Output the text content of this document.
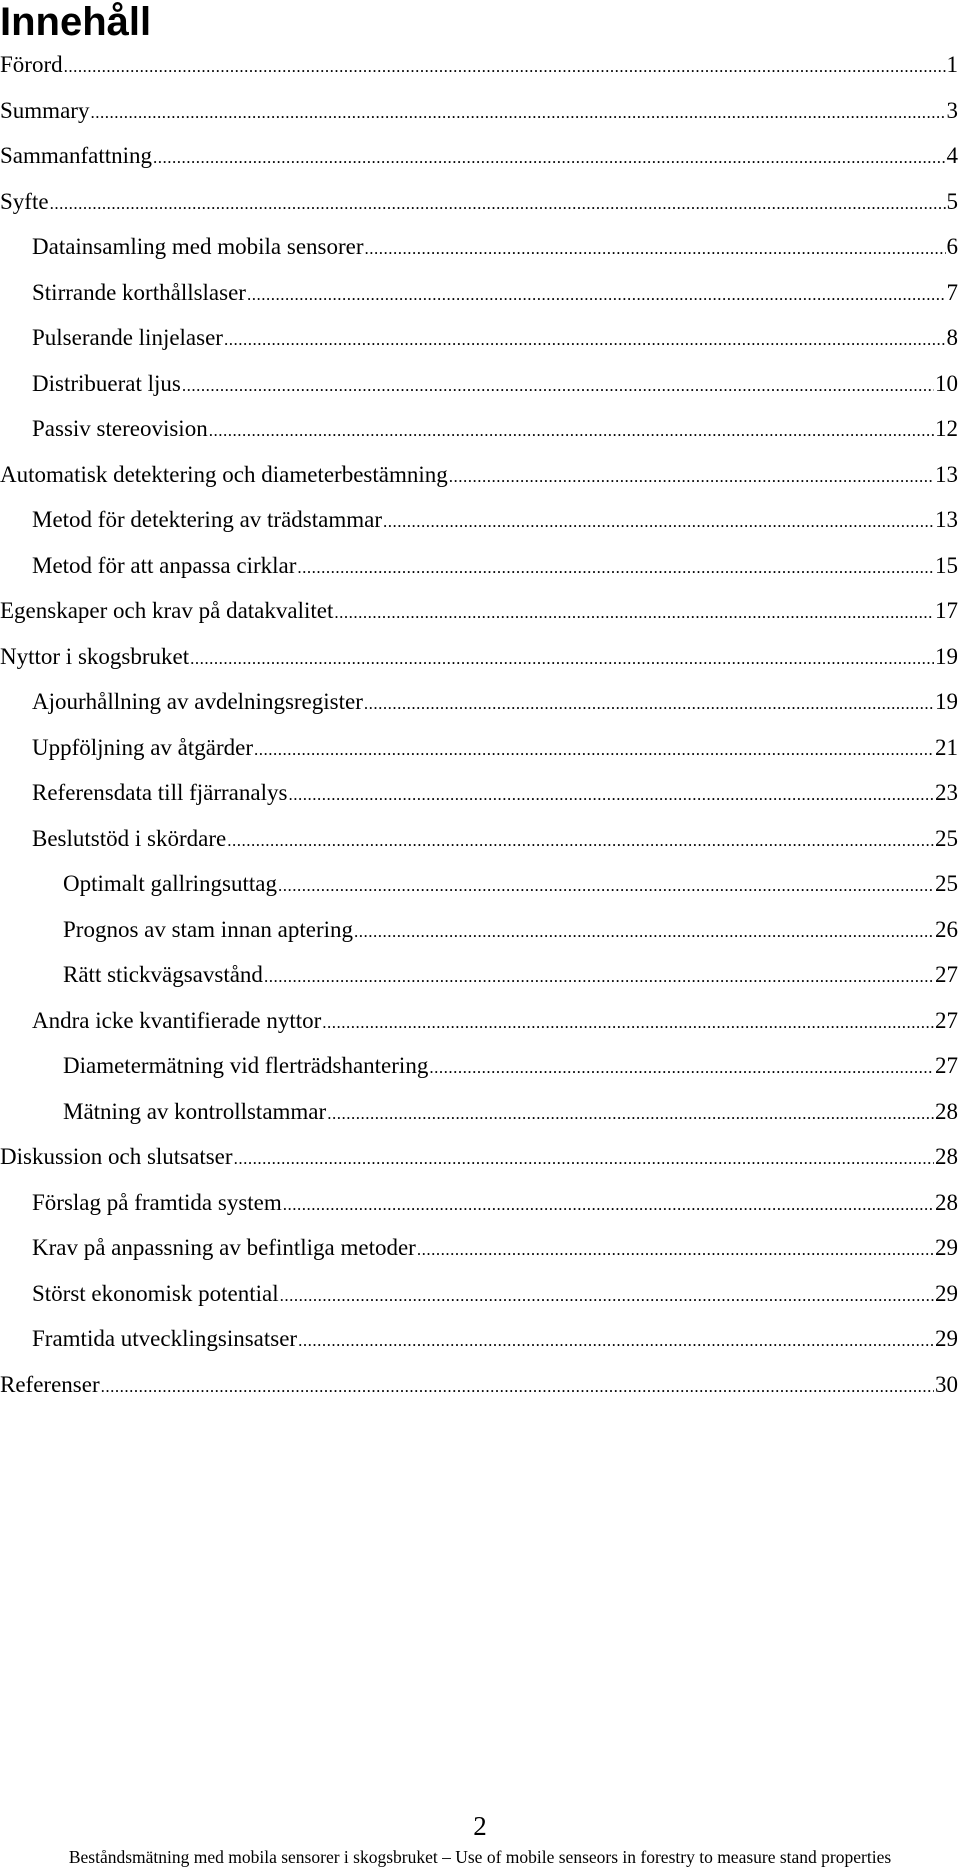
Innehåll
Förord .....	1
Summary .....	3
Sammanfattning .....	4
Syfte .....	5
Datainsamling med mobila sensorer .....	6
Stirrande korthållslaser .....	7
Pulserande linjelaser .....	8
Distribuerat ljus .....	10
Passiv stereovision .....	12
Automatisk detektering och diameterbestämning .....	13
Metod för detektering av trädstammar .....	13
Metod för att anpassa cirklar .....	15
Egenskaper och krav på datakvalitet .....	17
Nyttor i skogsbruket .....	19
Ajourhållning av avdelningsregister .....	19
Uppföljning av åtgärder .....	21
Referensdata till fjärranalys .....	23
Beslutstöd i skördare .....	25
Optimalt gallringsuttag .....	25
Prognos av stam innan aptering .....	26
Rätt stickvägsavstånd .....	27
Andra icke kvantifierade nyttor .....	27
Diametermätning vid flerträdshantering .....	27
Mätning av kontrollstammar .....	28
Diskussion och slutsatser .....	28
Förslag på framtida system .....	28
Krav på anpassning av befintliga metoder .....	29
Störst ekonomisk potential .....	29
Framtida utvecklingsinsatser .....	29
Referenser .....	30
2
Beståndsmätning med mobila sensorer i skogsbruket – Use of mobile senseors in forestry to measure stand properties
